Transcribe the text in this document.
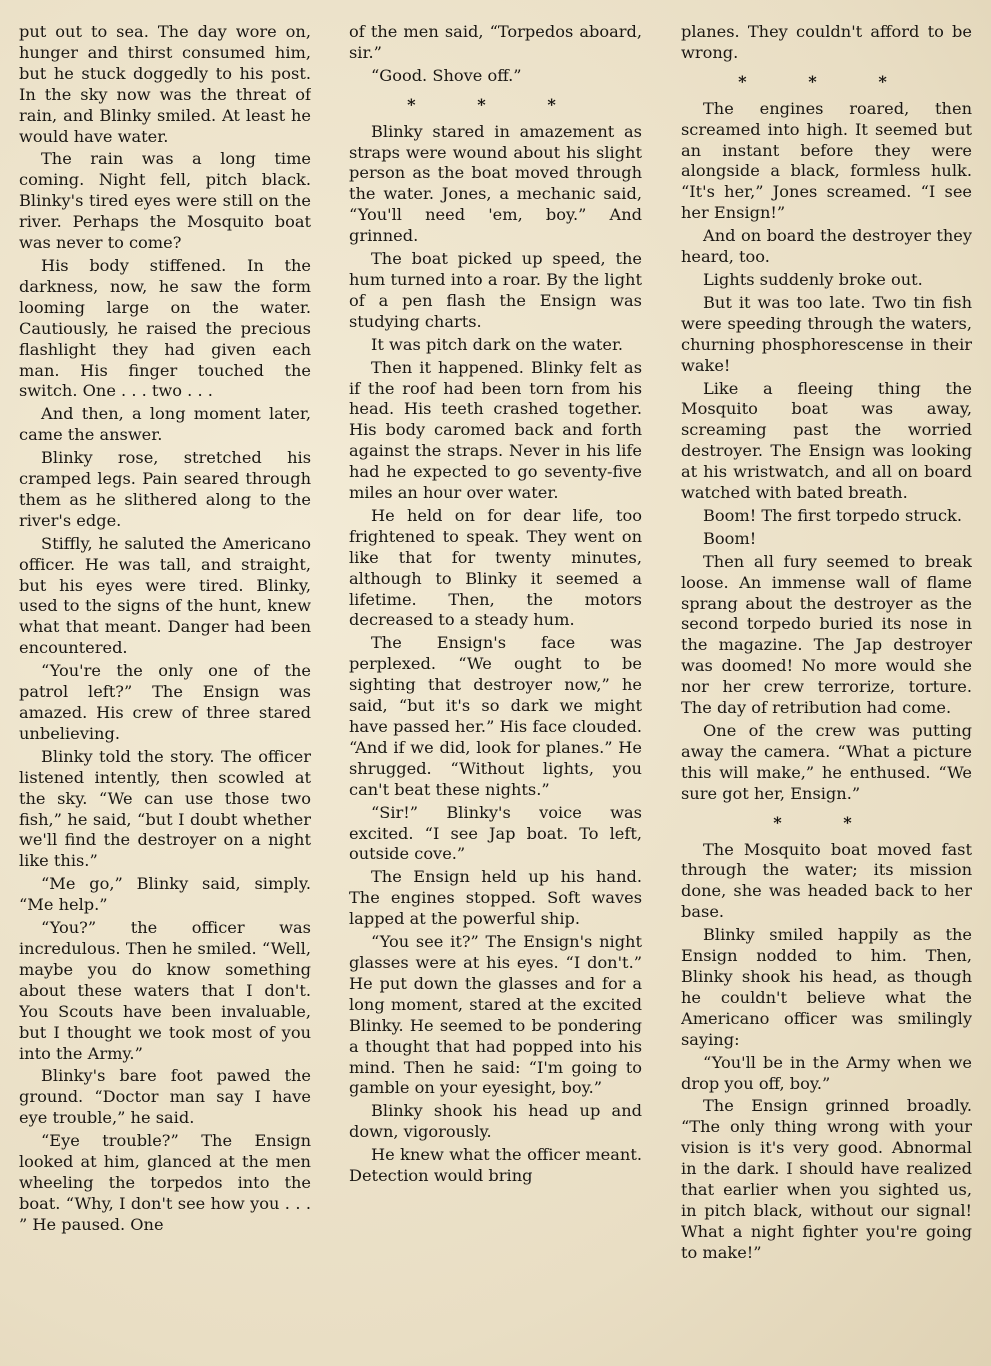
put out to sea. The day wore on, hunger and thirst consumed him, but he stuck doggedly to his post. In the sky now was the threat of rain, and Blinky smiled. At least he would have water.

The rain was a long time coming. Night fell, pitch black. Blinky's tired eyes were still on the river. Perhaps the Mosquito boat was never to come?

His body stiffened. In the darkness, now, he saw the form looming large on the water. Cautiously, he raised the precious flashlight they had given each man. His finger touched the switch. One . . . two . . .

And then, a long moment later, came the answer.

Blinky rose, stretched his cramped legs. Pain seared through them as he slithered along to the river's edge.

Stiffly, he saluted the Americano officer. He was tall, and straight, but his eyes were tired. Blinky, used to the signs of the hunt, knew what that meant. Danger had been encountered.

“You're the only one of the patrol left?” The Ensign was amazed. His crew of three stared unbelieving.

Blinky told the story. The officer listened intently, then scowled at the sky. “We can use those two fish,” he said, “but I doubt whether we'll find the destroyer on a night like this.”

“Me go,” Blinky said, simply. “Me help.”

“You?” the officer was incredulous. Then he smiled. “Well, maybe you do know something about these waters that I don't. You Scouts have been invaluable, but I thought we took most of you into the Army.”

Blinky's bare foot pawed the ground. “Doctor man say I have eye trouble,” he said.

“Eye trouble?” The Ensign looked at him, glanced at the men wheeling the torpedos into the boat. “Why, I don't see how you . . . ” He paused. One

of the men said, “Torpedos aboard, sir.”

“Good. Shove off.”

* * *

Blinky stared in amazement as straps were wound about his slight person as the boat moved through the water. Jones, a mechanic said, “You'll need 'em, boy.” And grinned.

The boat picked up speed, the hum turned into a roar. By the light of a pen flash the Ensign was studying charts.

It was pitch dark on the water.

Then it happened. Blinky felt as if the roof had been torn from his head. His teeth crashed together. His body caromed back and forth against the straps. Never in his life had he expected to go seventy-five miles an hour over water.

He held on for dear life, too frightened to speak. They went on like that for twenty minutes, although to Blinky it seemed a lifetime. Then, the motors decreased to a steady hum.

The Ensign's face was perplexed. “We ought to be sighting that destroyer now,” he said, “but it's so dark we might have passed her.” His face clouded. “And if we did, look for planes.” He shrugged. “Without lights, you can't beat these nights.”

“Sir!” Blinky's voice was excited. “I see Jap boat. To left, outside cove.”

The Ensign held up his hand. The engines stopped. Soft waves lapped at the powerful ship.

“You see it?” The Ensign's night glasses were at his eyes. “I don't.” He put down the glasses and for a long moment, stared at the excited Blinky. He seemed to be pondering a thought that had popped into his mind. Then he said: “I'm going to gamble on your eyesight, boy.”

Blinky shook his head up and down, vigorously.

He knew what the officer meant. Detection would bring

planes. They couldn't afford to be wrong.

* * *

The engines roared, then screamed into high. It seemed but an instant before they were alongside a black, formless hulk. “It's her,” Jones screamed. “I see her Ensign!”

And on board the destroyer they heard, too.

Lights suddenly broke out.

But it was too late. Two tin fish were speeding through the waters, churning phosphorescense in their wake!

Like a fleeing thing the Mosquito boat was away, screaming past the worried destroyer. The Ensign was looking at his wristwatch, and all on board watched with bated breath.

Boom! The first torpedo struck.

Boom!

Then all fury seemed to break loose. An immense wall of flame sprang about the destroyer as the second torpedo buried its nose in the magazine. The Jap destroyer was doomed! No more would she nor her crew terrorize, torture. The day of retribution had come.

One of the crew was putting away the camera. “What a picture this will make,” he enthused. “We sure got her, Ensign.”

* *

The Mosquito boat moved fast through the water; its mission done, she was headed back to her base.

Blinky smiled happily as the Ensign nodded to him. Then, Blinky shook his head, as though he couldn't believe what the Americano officer was smilingly saying:

“You'll be in the Army when we drop you off, boy.”

The Ensign grinned broadly. “The only thing wrong with your vision is it's very good. Abnormal in the dark. I should have realized that earlier when you sighted us, in pitch black, without our signal! What a night fighter you're going to make!”
